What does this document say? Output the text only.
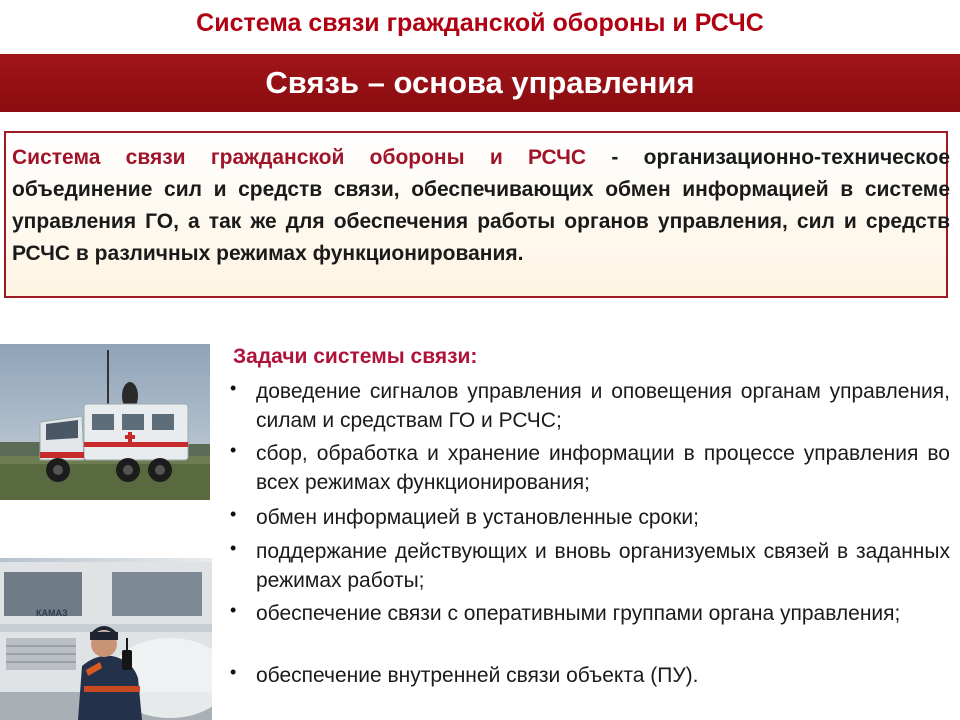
Система связи гражданской обороны и РСЧС
Связь – основа управления

Система связи гражданской обороны и РСЧС - организационно-техническое объединение сил и средств связи, обеспечивающих обмен информацией в системе управления ГО, а так же для обеспечения работы органов управления, сил и средств РСЧС в различных режимах функционирования.

КАМАЗ
Задачи системы связи:
• доведение сигналов управления и оповещения органам управления, силам и средствам ГО и РСЧС;
• сбор, обработка и хранение информации в процессе управления во всех режимах функционирования;
• обмен информацией в установленные сроки;
• поддержание действующих и вновь организуемых связей в заданных режимах работы;
• обеспечение связи с оперативными группами органа управления;
• обеспечение внутренней связи объекта (ПУ).
